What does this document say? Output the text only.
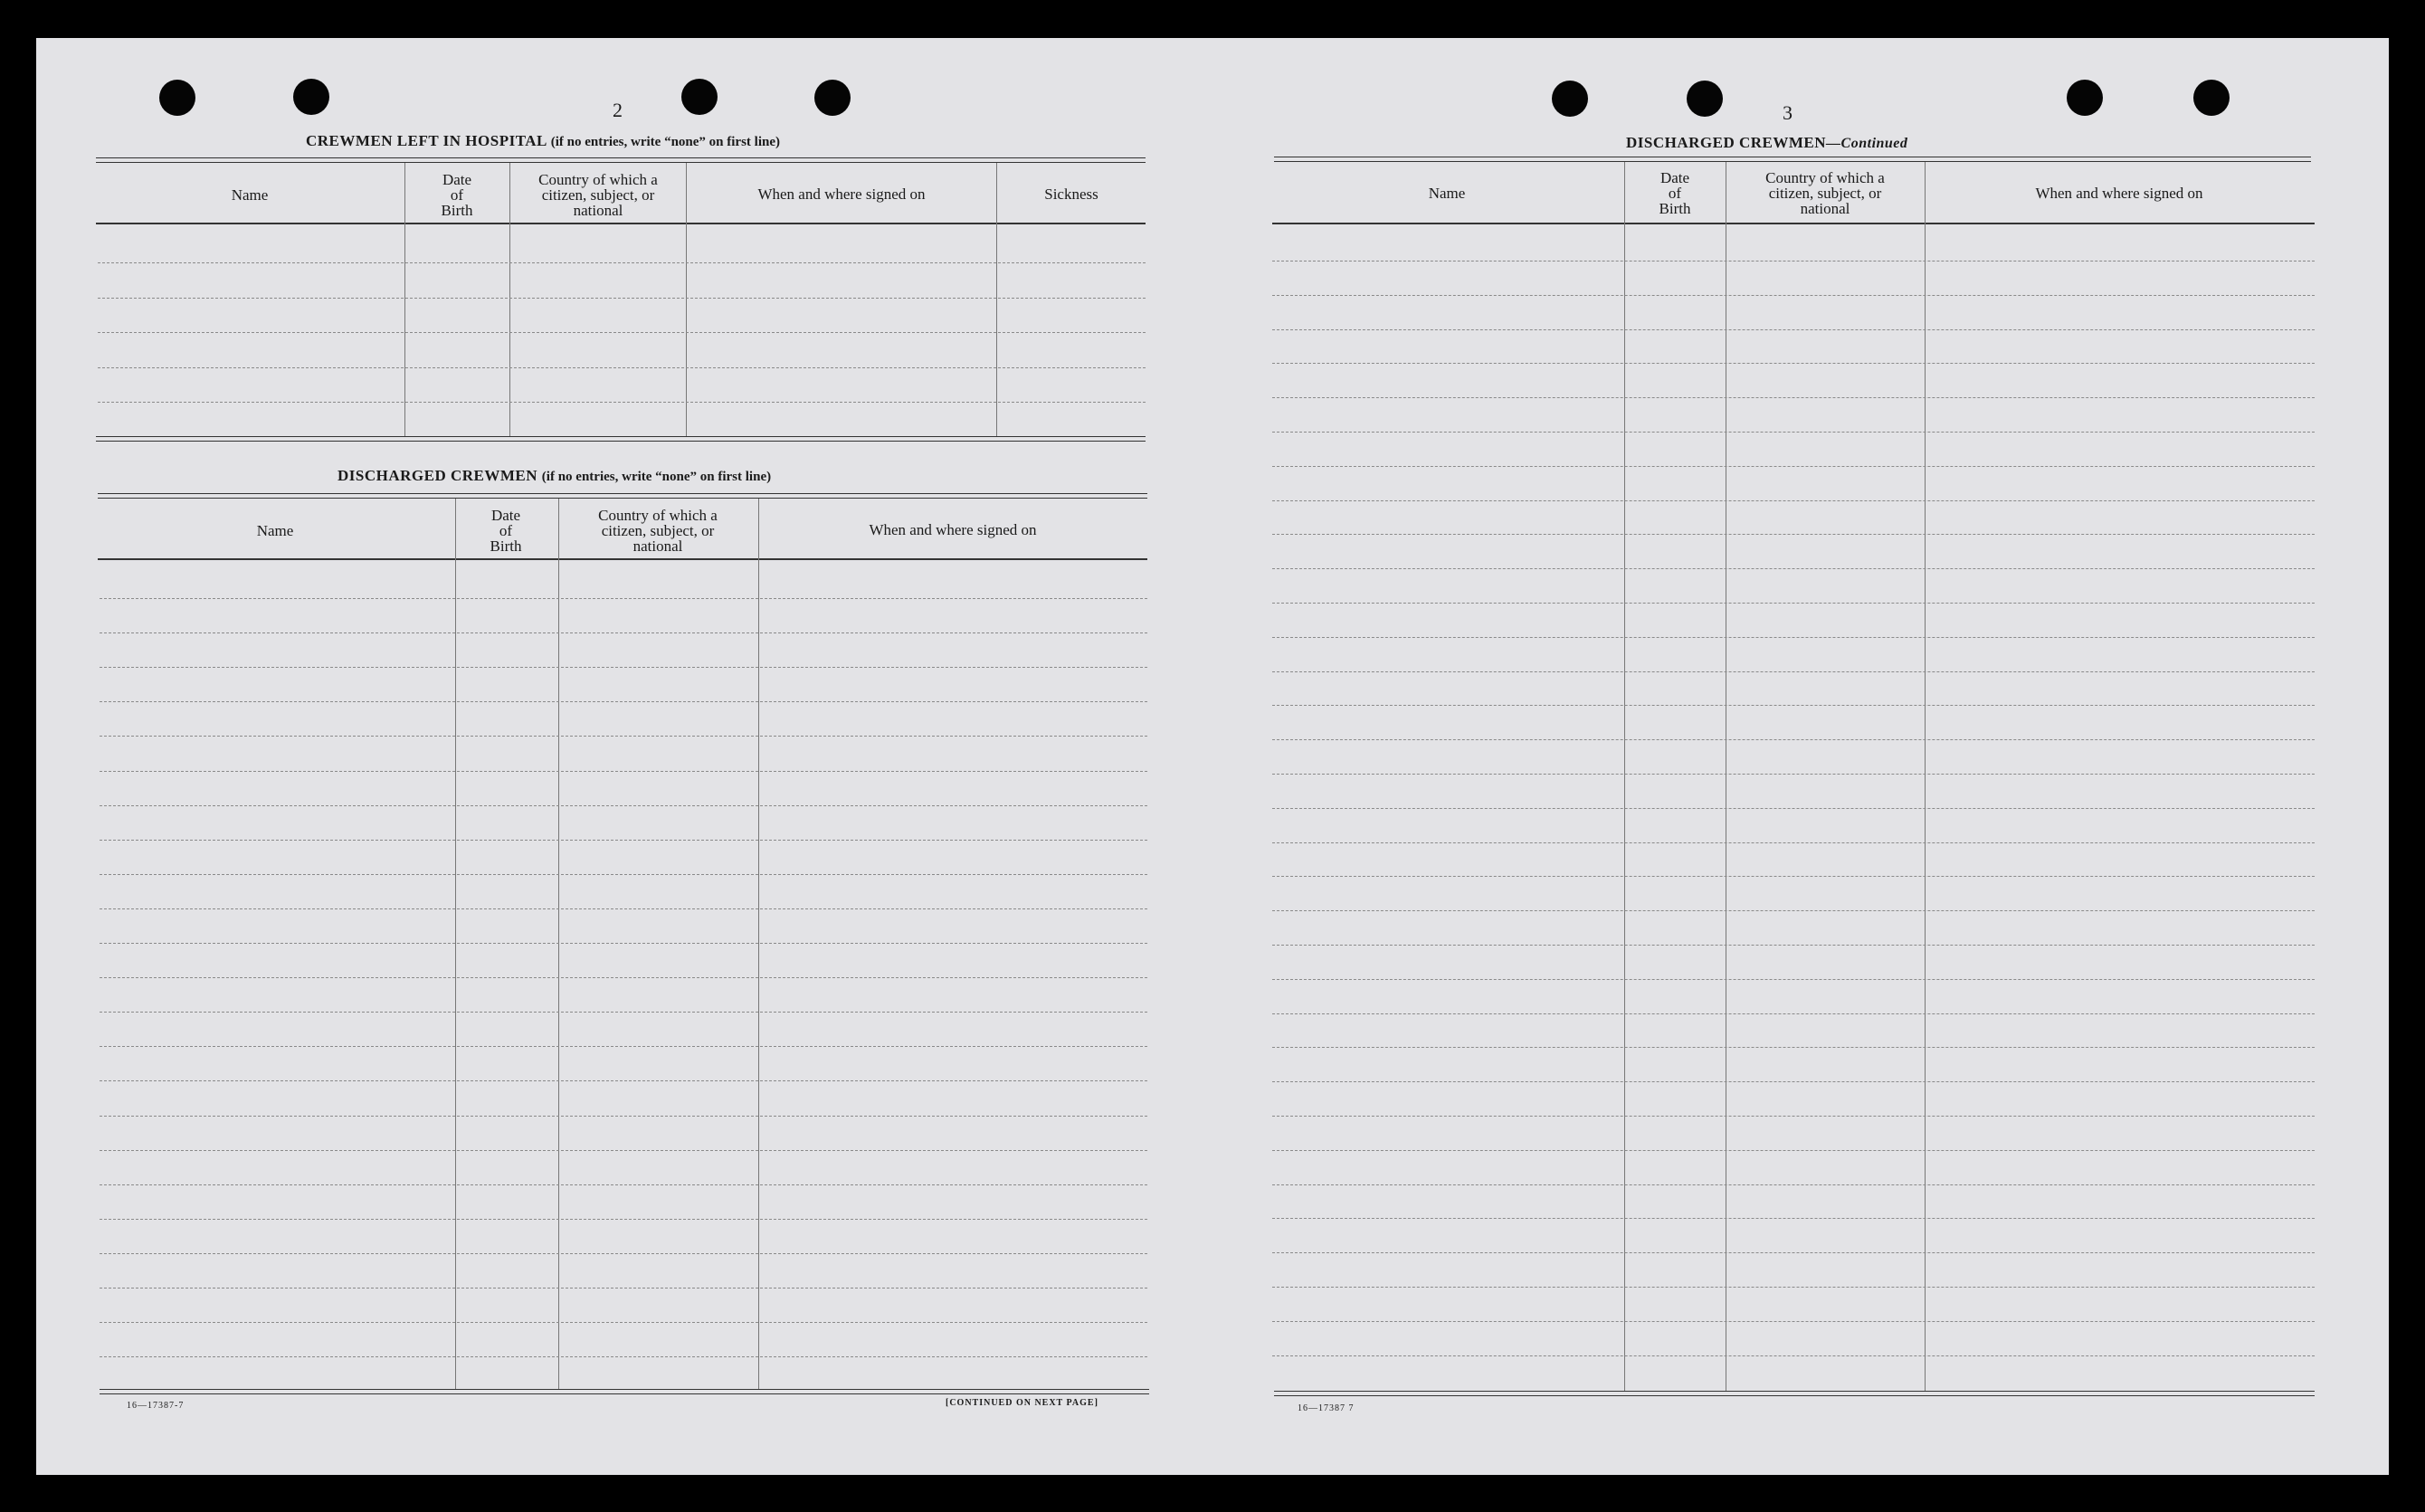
2
CREWMEN LEFT IN HOSPITAL (if no entries, write “none” on first line)
Name
Date
of
Birth
Country of which a
citizen, subject, or
national
When and where signed on	Sickness
DISCHARGED CREWMEN (if no entries, write “none” on first line)
Name
Date
of
Birth
Country of which a
citizen, subject, or
national
When and where signed on
16—17387-7	[CONTINUED ON NEXT PAGE]
3
DISCHARGED CREWMEN—Continued
Name
Date
of
Birth
Country of which a
citizen, subject, or
national
When and where signed on
16—17387 7
